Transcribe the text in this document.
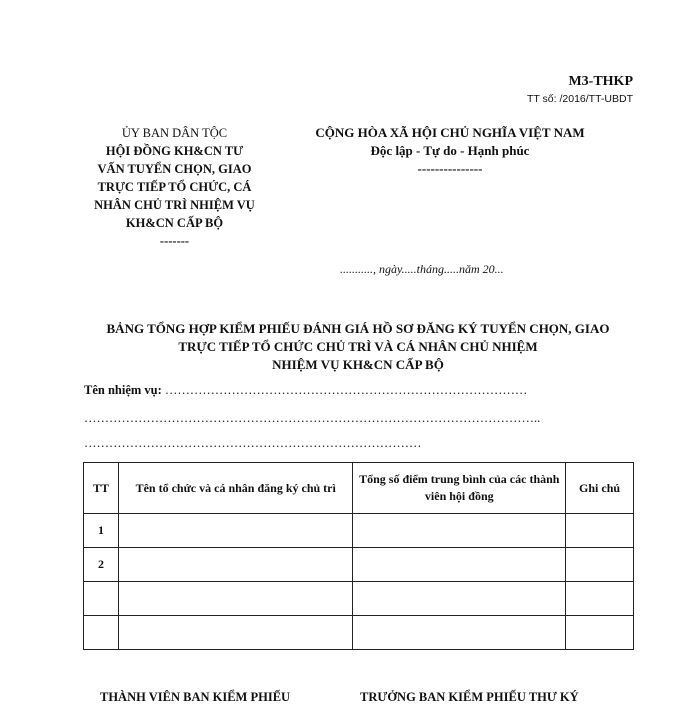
M3-THKP
TT số: /2016/TT-UBDT
ỦY BAN DÂN TỘC
HỘI ĐỒNG KH&CN TƯ
VẤN TUYỂN CHỌN, GIAO
TRỰC TIẾP TỔ CHỨC, CÁ
NHÂN CHỦ TRÌ NHIỆM VỤ
KH&CN CẤP BỘ
-------
CỘNG HÒA XÃ HỘI CHỦ NGHĨA VIỆT NAM
Độc lập - Tự do - Hạnh phúc
---------------
..........., ngày.....tháng.....năm 20...
BẢNG TỔNG HỢP KIỂM PHIẾU ĐÁNH GIÁ HỒ SƠ ĐĂNG KÝ TUYỂN CHỌN, GIAO
TRỰC TIẾP TỔ CHỨC CHỦ TRÌ VÀ CÁ NHÂN CHỦ NHIỆM
NHIỆM VỤ KH&CN CẤP BỘ
Tên nhiệm vụ: ……………………………………………………………………………
………………………………………………………………………………………………..
………………………………………………………………………
TT	Tên tổ chức và cá nhân đăng ký chủ trì	Tổng số điểm trung bình của các thành viên hội đồng	Ghi chú
1			
2			

THÀNH VIÊN BAN KIỂM PHIẾU	TRƯỞNG BAN KIỂM PHIẾU THƯ KÝ
